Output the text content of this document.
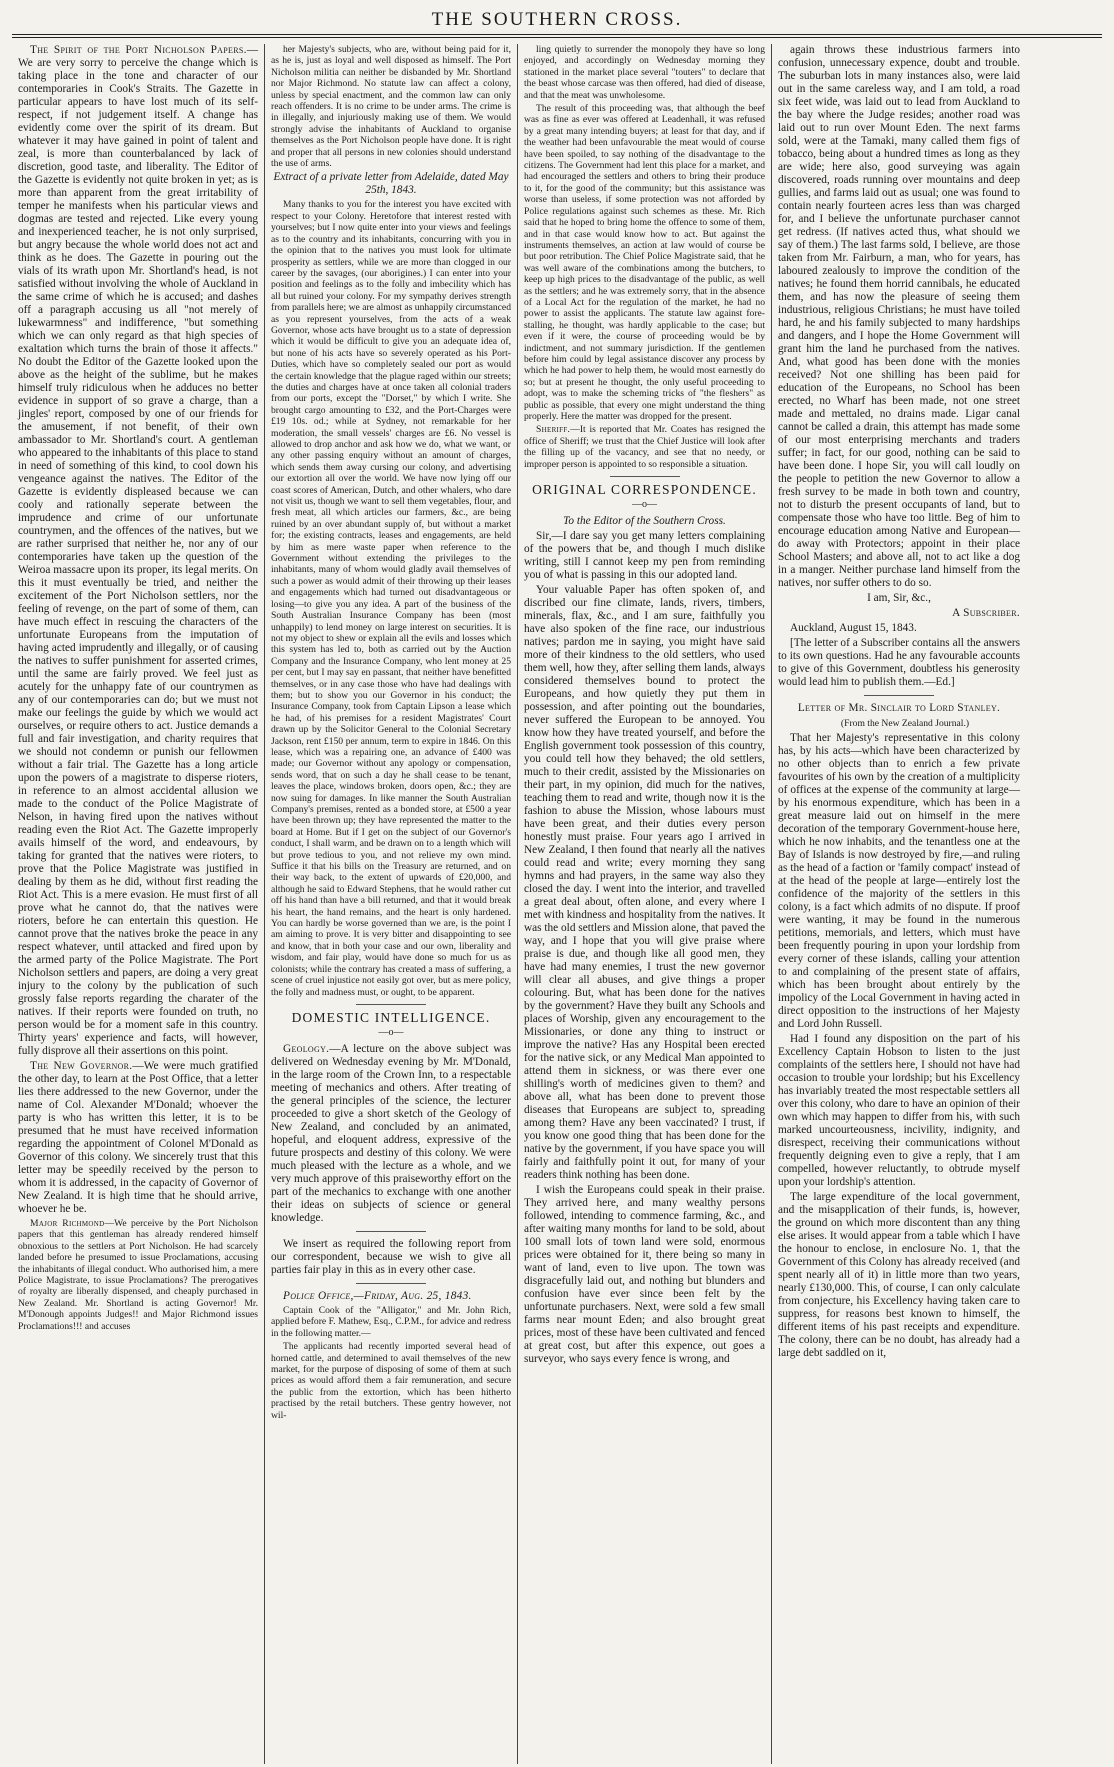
THE SOUTHERN CROSS.

The Spirit of the Port Nicholson Papers.—We are very sorry to perceive the change which is taking place in the tone and character of our contemporaries in Cook's Straits. The Gazette in particular appears to have lost much of its self-respect, if not judgement itself. A change has evidently come over the spirit of its dream. But whatever it may have gained in point of talent and zeal, is more than counterbalanced by lack of discretion, good taste, and liberality. The Editor of the Gazette is evidently not quite broken in yet; as is more than apparent from the great irritability of temper he manifests when his particular views and dogmas are tested and rejected. Like every young and inexperienced teacher, he is not only surprised, but angry because the whole world does not act and think as he does. The Gazette in pouring out the vials of its wrath upon Mr. Shortland's head, is not satisfied without involving the whole of Auckland in the same crime of which he is accused; and dashes off a paragraph accusing us all "not merely of lukewarmness" and indifference, "but something which we can only regard as that high species of exaltation which turns the brain of those it affects." No doubt the Editor of the Gazette looked upon the above as the height of the sublime, but he makes himself truly ridiculous when he adduces no better evidence in support of so grave a charge, than a jingles' report, composed by one of our friends for the amusement, if not benefit, of their own ambassador to Mr. Shortland's court. A gentleman who appeared to the inhabitants of this place to stand in need of something of this kind, to cool down his vengeance against the natives. The Editor of the Gazette is evidently displeased because we can cooly and rationally seperate between the imprudence and crime of our unfortunate countrymen, and the offences of the natives, but we are rather surprised that neither he, nor any of our contemporaries have taken up the question of the Weiroa massacre upon its proper, its legal merits. On this it must eventually be tried, and neither the excitement of the Port Nicholson settlers, nor the feeling of revenge, on the part of some of them, can have much effect in rescuing the characters of the unfortunate Europeans from the imputation of having acted imprudently and illegally, or of causing the natives to suffer punishment for asserted crimes, until the same are fairly proved. We feel just as acutely for the unhappy fate of our countrymen as any of our contemporaries can do; but we must not make our feelings the guide by which we would act ourselves, or require others to act. Justice demands a full and fair investigation, and charity requires that we should not condemn or punish our fellowmen without a fair trial. The Gazette has a long article upon the powers of a magistrate to disperse rioters, in reference to an almost accidental allusion we made to the conduct of the Police Magistrate of Nelson, in having fired upon the natives without reading even the Riot Act. The Gazette improperly avails himself of the word, and endeavours, by taking for granted that the natives were rioters, to prove that the Police Magistrate was justified in dealing by them as he did, without first reading the Riot Act. This is a mere evasion. He must first of all prove what he cannot do, that the natives were rioters, before he can entertain this question. He cannot prove that the natives broke the peace in any respect whatever, until attacked and fired upon by the armed party of the Police Magistrate. The Port Nicholson settlers and papers, are doing a very great injury to the colony by the publication of such grossly false reports regarding the charater of the natives. If their reports were founded on truth, no person would be for a moment safe in this country. Thirty years' experience and facts, will however, fully disprove all their assertions on this point.

The New Governor.—We were much gratified the other day, to learn at the Post Office, that a letter lies there addressed to the new Governor, under the name of Col. Alexander M'Donald; whoever the party is who has written this letter, it is to be presumed that he must have received information regarding the appointment of Colonel M'Donald as Governor of this colony. We sincerely trust that this letter may be speedily received by the person to whom it is addressed, in the capacity of Governor of New Zealand. It is high time that he should arrive, whoever he be.

Major Richmond—We perceive by the Port Nicholson papers that this gentleman has already rendered himself obnoxious to the settlers at Port Nicholson. He had scarcely landed before he presumed to issue Proclamations, accusing the inhabitants of illegal conduct. Who authorised him, a mere Police Magistrate, to issue Proclamations? The prerogatives of royalty are liberally dispensed, and cheaply purchased in New Zealand. Mr. Shortland is acting Governor! Mr. M'Donough appoints Judges!! and Major Richmond issues Proclamations!!! and accuses

her Majesty's subjects, who are, without being paid for it, as he is, just as loyal and well disposed as himself. The Port Nicholson militia can neither be disbanded by Mr. Shortland nor Major Richmond. No statute law can affect a colony, unless by special enactment, and the common law can only reach offenders. It is no crime to be under arms. The crime is in illegally, and injuriously making use of them. We would strongly advise the inhabitants of Auckland to organise themselves as the Port Nicholson people have done. It is right and proper that all persons in new colonies should understand the use of arms.

Extract of a private letter from Adelaide, dated May 25th, 1843.

Many thanks to you for the interest you have excited with respect to your Colony. Heretofore that interest rested with yourselves; but I now quite enter into your views and feelings as to the country and its inhabitants, concurring with you in the opinion that to the natives you must look for ultimate prosperity as settlers, while we are more than clogged in our career by the savages, (our aborigines.) I can enter into your position and feelings as to the folly and imbecility which has all but ruined your colony. For my sympathy derives strength from parallels here; we are almost as unhappily circumstanced as you represent yourselves, from the acts of a weak Governor, whose acts have brought us to a state of depression which it would be difficult to give you an adequate idea of, but none of his acts have so severely operated as his Port-Duties, which have so completely sealed our port as would the certain knowledge that the plague raged within our streets; the duties and charges have at once taken all colonial traders from our ports, except the "Dorset," by which I write. She brought cargo amounting to £32, and the Port-Charges were £19 10s. od.; while at Sydney, not remarkable for her moderation, the small vessels' charges are £6. No vessel is allowed to drop anchor and ask how we do, what we want, or any other passing enquiry without an amount of charges, which sends them away cursing our colony, and advertising our extortion all over the world. We have now lying off our coast scores of American, Dutch, and other whalers, who dare not visit us, though we want to sell them vegetables, flour, and fresh meat, all which articles our farmers, &c., are being ruined by an over abundant supply of, but without a market for; the existing contracts, leases and engagements, are held by him as mere waste paper when reference to the Government without extending the privileges to the inhabitants, many of whom would gladly avail themselves of such a power as would admit of their throwing up their leases and engagements which had turned out disadvantageous or losing—to give you any idea. A part of the business of the South Australian Insurance Company has been (most unhappily) to lend money on large interest on securities. It is not my object to shew or explain all the evils and losses which this system has led to, both as carried out by the Auction Company and the Insurance Company, who lent money at 25 per cent, but I may say en passant, that neither have benefitted themselves, or in any case those who have had dealings with them; but to show you our Governor in his conduct; the Insurance Company, took from Captain Lipson a lease which he had, of his premises for a resident Magistrates' Court drawn up by the Solicitor General to the Colonial Secretary Jackson, rent £150 per annum, term to expire in 1846. On this lease, which was a repairing one, an advance of £400 was made; our Governor without any apology or compensation, sends word, that on such a day he shall cease to be tenant, leaves the place, windows broken, doors open, &c.; they are now suing for damages. In like manner the South Australian Company's premises, rented as a bonded store, at £500 a year have been thrown up; they have represented the matter to the board at Home. But if I get on the subject of our Governor's conduct, I shall warm, and be drawn on to a length which will but prove tedious to you, and not relieve my own mind. Suffice it that his bills on the Treasury are returned, and on their way back, to the extent of upwards of £20,000, and although he said to Edward Stephens, that he would rather cut off his hand than have a bill returned, and that it would break his heart, the hand remains, and the heart is only hardened. You can hardly be worse governed than we are, is the point I am aiming to prove. It is very bitter and disappointing to see and know, that in both your case and our own, liberality and wisdom, and fair play, would have done so much for us as colonists; while the contrary has created a mass of suffering, a scene of cruel injustice not easily got over, but as mere policy, the folly and madness must, or ought, to be apparent.

DOMESTIC INTELLIGENCE.

—o—

Geology.—A lecture on the above subject was delivered on Wednesday evening by Mr. M'Donald, in the large room of the Crown Inn, to a respectable meeting of mechanics and others. After treating of the general principles of the science, the lecturer proceeded to give a short sketch of the Geology of New Zealand, and concluded by an animated, hopeful, and eloquent address, expressive of the future prospects and destiny of this colony. We were much pleased with the lecture as a whole, and we very much approve of this praiseworthy effort on the part of the mechanics to exchange with one another their ideas on subjects of science or general knowledge.

We insert as required the following report from our correspondent, because we wish to give all parties fair play in this as in every other case.

Police Office,—Friday, Aug. 25, 1843.

Captain Cook of the "Alligator," and Mr. John Rich, applied before F. Mathew, Esq., C.P.M., for advice and redress in the following matter.—

The applicants had recently imported several head of horned cattle, and determined to avail themselves of the new market, for the purpose of disposing of some of them at such prices as would afford them a fair remuneration, and secure the public from the extortion, which has been hitherto practised by the retail butchers. These gentry however, not wil-

ling quietly to surrender the monopoly they have so long enjoyed, and accordingly on Wednesday morning they stationed in the market place several "touters" to declare that the beast whose carcase was then offered, had died of disease, and that the meat was unwholesome.

The result of this proceeding was, that although the beef was as fine as ever was offered at Leadenhall, it was refused by a great many intending buyers; at least for that day, and if the weather had been unfavourable the meat would of course have been spoiled, to say nothing of the disadvantage to the citizens. The Government had lent this place for a market, and had encouraged the settlers and others to bring their produce to it, for the good of the community; but this assistance was worse than useless, if some protection was not afforded by Police regulations against such schemes as these. Mr. Rich said that he hoped to bring home the offence to some of them, and in that case would know how to act. But against the instruments themselves, an action at law would of course be but poor retribution. The Chief Police Magistrate said, that he was well aware of the combinations among the butchers, to keep up high prices to the disadvantage of the public, as well as the settlers; and he was extremely sorry, that in the absence of a Local Act for the regulation of the market, he had no power to assist the applicants. The statute law against fore-stalling, he thought, was hardly applicable to the case; but even if it were, the course of proceeding would be by indictment, and not summary jurisdiction. If the gentlemen before him could by legal assistance discover any process by which he had power to help them, he would most earnestly do so; but at present he thought, the only useful proceeding to adopt, was to make the scheming tricks of "the fleshers" as public as possible, that every one might understand the thing properly. Here the matter was dropped for the present.

Sheriff.—It is reported that Mr. Coates has resigned the office of Sheriff; we trust that the Chief Justice will look after the filling up of the vacancy, and see that no needy, or improper person is appointed to so responsible a situation.

ORIGINAL CORRESPONDENCE.

—o—

To the Editor of the Southern Cross.

Sir,—I dare say you get many letters complaining of the powers that be, and though I much dislike writing, still I cannot keep my pen from reminding you of what is passing in this our adopted land.

Your valuable Paper has often spoken of, and discribed our fine climate, lands, rivers, timbers, minerals, flax, &c., and I am sure, faithfully you have also spoken of the fine race, our industrious natives; pardon me in saying, you might have said more of their kindness to the old settlers, who used them well, how they, after selling them lands, always considered themselves bound to protect the Europeans, and how quietly they put them in possession, and after pointing out the boundaries, never suffered the European to be annoyed. You know how they have treated yourself, and before the English government took possession of this country, you could tell how they behaved; the old settlers, much to their credit, assisted by the Missionaries on their part, in my opinion, did much for the natives, teaching them to read and write, though now it is the fashion to abuse the Mission, whose labours must have been great, and their duties every person honestly must praise. Four years ago I arrived in New Zealand, I then found that nearly all the natives could read and write; every morning they sang hymns and had prayers, in the same way also they closed the day. I went into the interior, and travelled a great deal about, often alone, and every where I met with kindness and hospitality from the natives. It was the old settlers and Mission alone, that paved the way, and I hope that you will give praise where praise is due, and though like all good men, they have had many enemies, I trust the new governor will clear all abuses, and give things a proper colouring. But, what has been done for the natives by the government? Have they built any Schools and places of Worship, given any encouragement to the Missionaries, or done any thing to instruct or improve the native? Has any Hospital been erected for the native sick, or any Medical Man appointed to attend them in sickness, or was there ever one shilling's worth of medicines given to them? and above all, what has been done to prevent those diseases that Europeans are subject to, spreading among them? Have any been vaccinated? I trust, if you know one good thing that has been done for the native by the government, if you have space you will fairly and faithfully point it out, for many of your readers think nothing has been done.

I wish the Europeans could speak in their praise. They arrived here, and many wealthy persons followed, intending to commence farming, &c., and after waiting many months for land to be sold, about 100 small lots of town land were sold, enormous prices were obtained for it, there being so many in want of land, even to live upon. The town was disgracefully laid out, and nothing but blunders and confusion have ever since been felt by the unfortunate purchasers. Next, were sold a few small farms near mount Eden; and also brought great prices, most of these have been cultivated and fenced at great cost, but after this expence, out goes a surveyor, who says every fence is wrong, and

again throws these industrious farmers into confusion, unnecessary expence, doubt and trouble. The suburban lots in many instances also, were laid out in the same careless way, and I am told, a road six feet wide, was laid out to lead from Auckland to the bay where the Judge resides; another road was laid out to run over Mount Eden. The next farms sold, were at the Tamaki, many called them figs of tobacco, being about a hundred times as long as they are wide; here also, good surveying was again discovered, roads running over mountains and deep gullies, and farms laid out as usual; one was found to contain nearly fourteen acres less than was charged for, and I believe the unfortunate purchaser cannot get redress. (If natives acted thus, what should we say of them.) The last farms sold, I believe, are those taken from Mr. Fairburn, a man, who for years, has laboured zealously to improve the condition of the natives; he found them horrid cannibals, he educated them, and has now the pleasure of seeing them industrious, religious Christians; he must have toiled hard, he and his family subjected to many hardships and dangers, and I hope the Home Government will grant him the land he purchased from the natives. And, what good has been done with the monies received? Not one shilling has been paid for education of the Europeans, no School has been erected, no Wharf has been made, not one street made and mettaled, no drains made. Ligar canal cannot be called a drain, this attempt has made some of our most enterprising merchants and traders suffer; in fact, for our good, nothing can be said to have been done. I hope Sir, you will call loudly on the people to petition the new Governor to allow a fresh survey to be made in both town and country, not to disturb the present occupants of land, but to compensate those who have too little. Beg of him to encourage education among Native and European—do away with Protectors; appoint in their place School Masters; and above all, not to act like a dog in a manger. Neither purchase land himself from the natives, nor suffer others to do so.

I am, Sir, &c.,

A Subscriber.

Auckland, August 15, 1843.

[The letter of a Subscriber contains all the answers to its own questions. Had he any favourable accounts to give of this Government, doubtless his generosity would lead him to publish them.—Ed.]

Letter of Mr. Sinclair to Lord Stanley.

(From the New Zealand Journal.)

That her Majesty's representative in this colony has, by his acts—which have been characterized by no other objects than to enrich a few private favourites of his own by the creation of a multiplicity of offices at the expense of the community at large—by his enormous expenditure, which has been in a great measure laid out on himself in the mere decoration of the temporary Government-house here, which he now inhabits, and the tenantless one at the Bay of Islands is now destroyed by fire,—and ruling as the head of a faction or 'family compact' instead of at the head of the people at large—entirely lost the confidence of the majority of the settlers in this colony, is a fact which admits of no dispute. If proof were wanting, it may be found in the numerous petitions, memorials, and letters, which must have been frequently pouring in upon your lordship from every corner of these islands, calling your attention to and complaining of the present state of affairs, which has been brought about entirely by the impolicy of the Local Government in having acted in direct opposition to the instructions of her Majesty and Lord John Russell.

Had I found any disposition on the part of his Excellency Captain Hobson to listen to the just complaints of the settlers here, I should not have had occasion to trouble your lordship; but his Excellency has invariably treated the most respectable settlers all over this colony, who dare to have an opinion of their own which may happen to differ from his, with such marked uncourteousness, incivility, indignity, and disrespect, receiving their communications without frequently deigning even to give a reply, that I am compelled, however reluctantly, to obtrude myself upon your lordship's attention.

The large expenditure of the local government, and the misapplication of their funds, is, however, the ground on which more discontent than any thing else arises. It would appear from a table which I have the honour to enclose, in enclosure No. 1, that the Government of this Colony has already received (and spent nearly all of it) in little more than two years, nearly £130,000. This, of course, I can only calculate from conjecture, his Excellency having taken care to suppress, for reasons best known to himself, the different items of his past receipts and expenditure. The colony, there can be no doubt, has already had a large debt saddled on it,
